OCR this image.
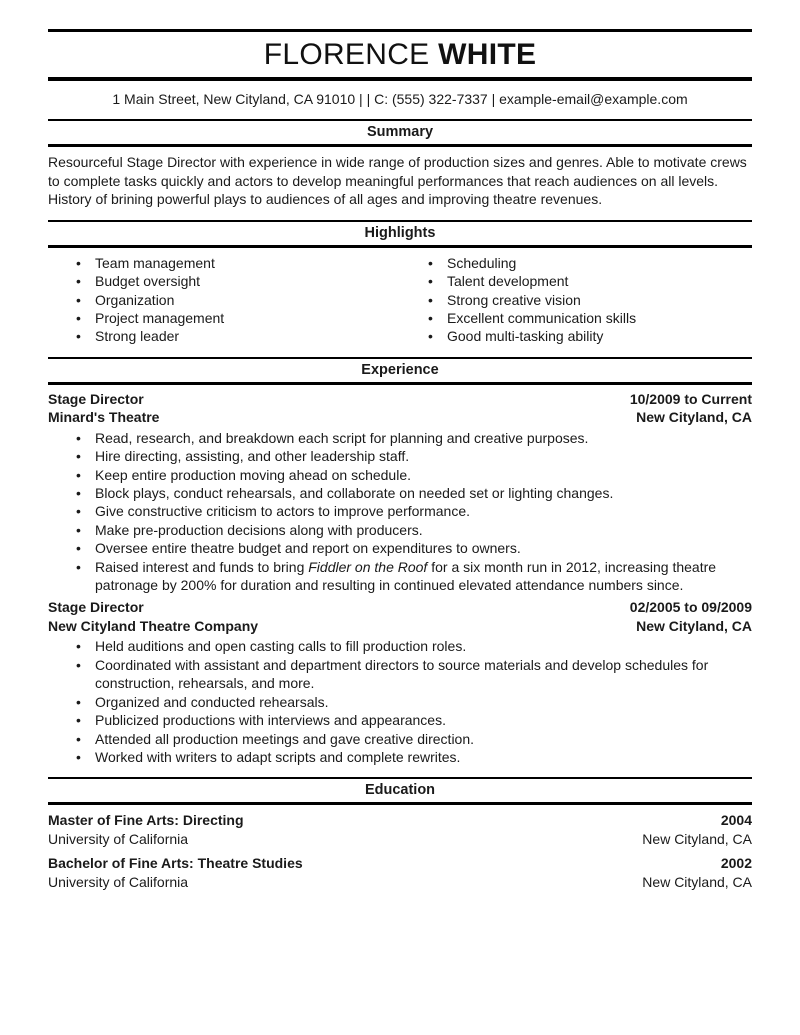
FLORENCE WHITE

1 Main Street, New Cityland, CA 91010 | | C: (555) 322-7337 | example-email@example.com

Summary

Resourceful Stage Director with experience in wide range of production sizes and genres. Able to motivate crews to complete tasks quickly and actors to develop meaningful performances that reach audiences on all levels. History of brining powerful plays to audiences of all ages and improving theatre revenues.

Highlights
• Team management
• Budget oversight
• Organization
• Project management
• Strong leader
• Scheduling
• Talent development
• Strong creative vision
• Excellent communication skills
• Good multi-tasking ability
Experience
Stage Director	10/2009 to Current
Minard's Theatre	New Cityland, CA
• Read, research, and breakdown each script for planning and creative purposes.
• Hire directing, assisting, and other leadership staff.
• Keep entire production moving ahead on schedule.
• Block plays, conduct rehearsals, and collaborate on needed set or lighting changes.
• Give constructive criticism to actors to improve performance.
• Make pre-production decisions along with producers.
• Oversee entire theatre budget and report on expenditures to owners.
• Raised interest and funds to bring Fiddler on the Roof for a six month run in 2012, increasing theatre patronage by 200% for duration and resulting in continued elevated attendance numbers since.
Stage Director	02/2005 to 09/2009
New Cityland Theatre Company	New Cityland, CA
• Held auditions and open casting calls to fill production roles.
• Coordinated with assistant and department directors to source materials and develop schedules for construction, rehearsals, and more.
• Organized and conducted rehearsals.
• Publicized productions with interviews and appearances.
• Attended all production meetings and gave creative direction.
• Worked with writers to adapt scripts and complete rewrites.
Education
Master of Fine Arts: Directing	2004
University of California	New Cityland, CA
Bachelor of Fine Arts: Theatre Studies	2002
University of California	New Cityland, CA
